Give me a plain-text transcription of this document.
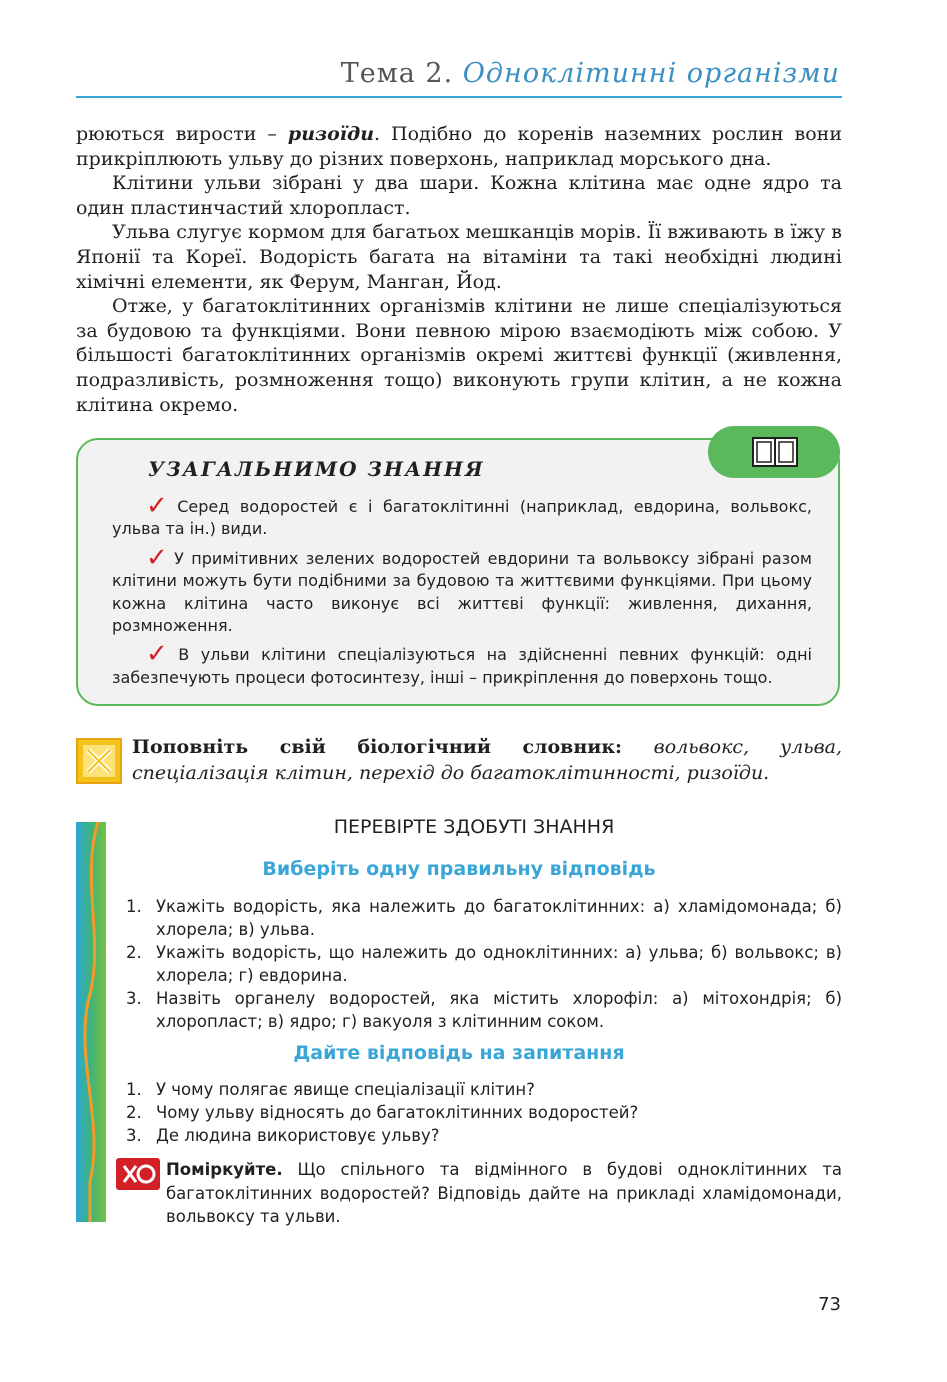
Тема 2. Одноклітинні організми

рюються вирости – ризоїди. Подібно до коренів наземних рослин вони прикріплюють ульву до різних поверхонь, наприклад морського дна.

Клітини ульви зібрані у два шари. Кожна клітина має одне ядро та один пластинчастий хлоропласт.

Ульва слугує кормом для багатьох мешканців морів. Її вживають в їжу в Японії та Кореї. Водорість багата на вітаміни та такі необхідні людині хімічні елементи, як Ферум, Манган, Йод.

Отже, у багатоклітинних організмів клітини не лише спеціалізуються за будовою та функціями. Вони певною мірою взаємодіють між собою. У більшості багатоклітинних організмів окремі життєві функції (живлення, подразливість, розмноження тощо) виконують групи клітин, а не кожна клітина окремо.

УЗАГАЛЬНИМО ЗНАННЯ

✓ Серед водоростей є і багатоклітинні (наприклад, евдорина, вольвокс, ульва та ін.) види.

✓ У примітивних зелених водоростей евдорини та вольвоксу зібрані разом клітини можуть бути подібними за будовою та життєвими функціями. При цьому кожна клітина часто виконує всі життєві функції: живлення, дихання, розмноження.

✓ В ульви клітини спеціалізуються на здійсненні певних функцій: одні забезпечують процеси фотосинтезу, інші – прикріплення до поверхонь тощо.

Поповніть свій біологічний словник: вольвокс, ульва, спеціалізація клітин, перехід до багатоклітинності, ризоїди.
ПЕРЕВІРТЕ ЗДОБУТІ ЗНАННЯ
Виберіть одну правильну відповідь
1. Укажіть водорість, яка належить до багатоклітинних: а) хламідомонада; б) хлорела; в) ульва.
2. Укажіть водорість, що належить до одноклітинних: а) ульва; б) вольвокс; в) хлорела; г) евдорина.
3. Назвіть органелу водоростей, яка містить хлорофіл: а) мітохондрія; б) хлоропласт; в) ядро; г) вакуоля з клітинним соком.
Дайте відповідь на запитання
1. У чому полягає явище спеціалізації клітин?
2. Чому ульву відносять до багатоклітинних водоростей?
3. Де людина використовує ульву?
Поміркуйте. Що спільного та відмінного в будові одноклітинних та багатоклітинних водоростей? Відповідь дайте на прикладі хламідомонади, вольвоксу та ульви.
73
